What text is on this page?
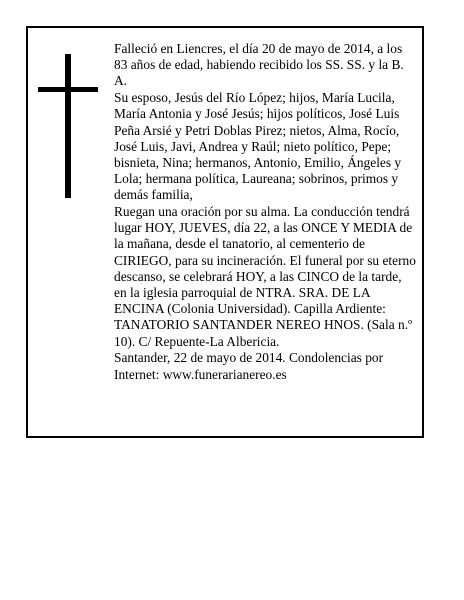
Falleció en Liencres, el día 20 de mayo de 2014, a los 83 años de edad, habiendo recibido los SS. SS. y la B. A.

Su esposo, Jesús del Río López; hijos, María Lucila, María Antonia y José Jesús; hijos políticos, José Luis Peña Arsié y Petri Doblas Pirez; nietos, Alma, Rocío, José Luis, Javi, Andrea y Raúl; nieto político, Pepe; bisnieta, Nina; hermanos, Antonio, Emilio, Ángeles y Lola; hermana política, Laureana; sobrinos, primos y demás familia,

Ruegan una oración por su alma. La conducción tendrá lugar HOY, JUEVES, día 22, a las ONCE Y MEDIA de la mañana, desde el tanatorio, al cementerio de CIRIEGO, para su incineración. El funeral por su eterno descanso, se celebrará HOY, a las CINCO de la tarde, en la iglesia parroquial de NTRA. SRA. DE LA ENCINA (Colonia Universidad). Capilla Ardiente: TANATORIO SANTANDER NEREO HNOS. (Sala n.º 10). C/ Repuente-La Albericia.

Santander, 22 de mayo de 2014. Condolencias por Internet: www.funerarianereo.es
